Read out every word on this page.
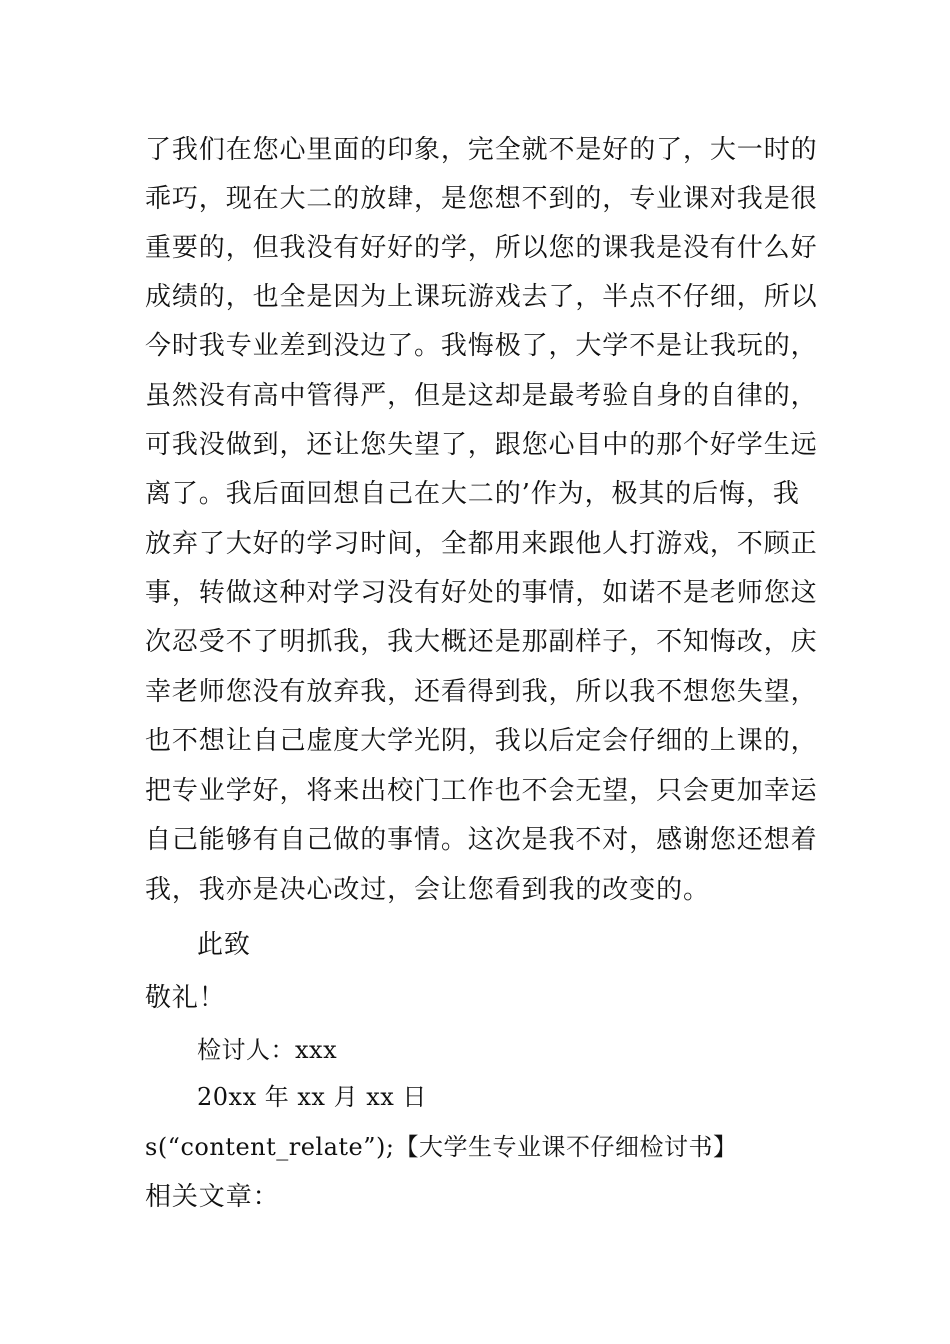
了我们在您心里面的印象，完全就不是好的了，大一时的
乖巧，现在大二的放肆，是您想不到的，专业课对我是很
重要的，但我没有好好的学，所以您的课我是没有什么好
成绩的，也全是因为上课玩游戏去了，半点不仔细，所以
今时我专业差到没边了。我悔极了，大学不是让我玩的，
虽然没有高中管得严，但是这却是最考验自身的自律的，
可我没做到，还让您失望了，跟您心目中的那个好学生远
离了。我后面回想自己在大二的’作为，极其的后悔，我
放弃了大好的学习时间，全都用来跟他人打游戏，不顾正
事，转做这种对学习没有好处的事情，如诺不是老师您这
次忍受不了明抓我，我大概还是那副样子，不知悔改，庆
幸老师您没有放弃我，还看得到我，所以我不想您失望，
也不想让自己虚度大学光阴，我以后定会仔细的上课的，
把专业学好，将来出校门工作也不会无望，只会更加幸运
自己能够有自己做的事情。这次是我不对，感谢您还想着
我，我亦是决心改过，会让您看到我的改变的。
此致
敬礼！
检讨人：xxx
20xx 年 xx 月 xx 日
s(“content_relate”);【大学生专业课不仔细检讨书】
相关文章：
